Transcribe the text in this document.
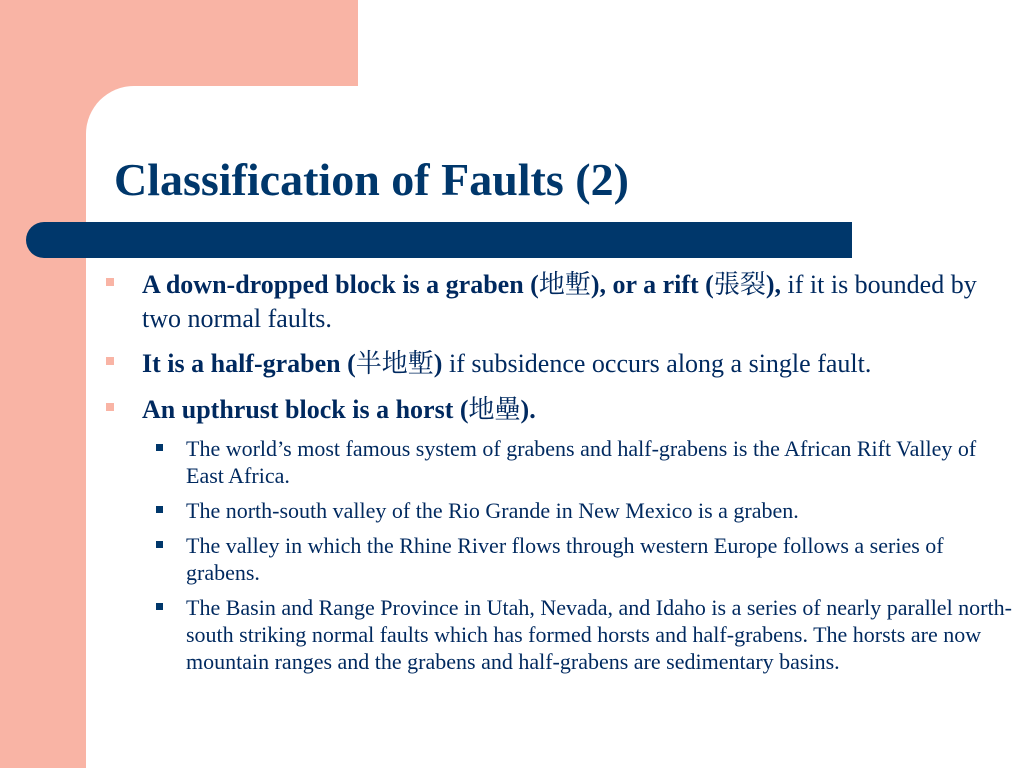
Classification of Faults (2)
A down-dropped block is a graben (地塹), or a rift (張裂), if it is bounded by two normal faults.
It is a half-graben (半地塹) if subsidence occurs along a single fault.
An upthrust block is a horst (地壘).
The world’s most famous system of grabens and half-grabens is the African Rift Valley of East Africa.
The north-south valley of the Rio Grande in New Mexico is a graben.
The valley in which the Rhine River flows through western Europe follows a series of grabens.
The Basin and Range Province in Utah, Nevada, and Idaho is a series of nearly parallel north-south striking normal faults which has formed horsts and half-grabens. The horsts are now mountain ranges and the grabens and half-grabens are sedimentary basins.
